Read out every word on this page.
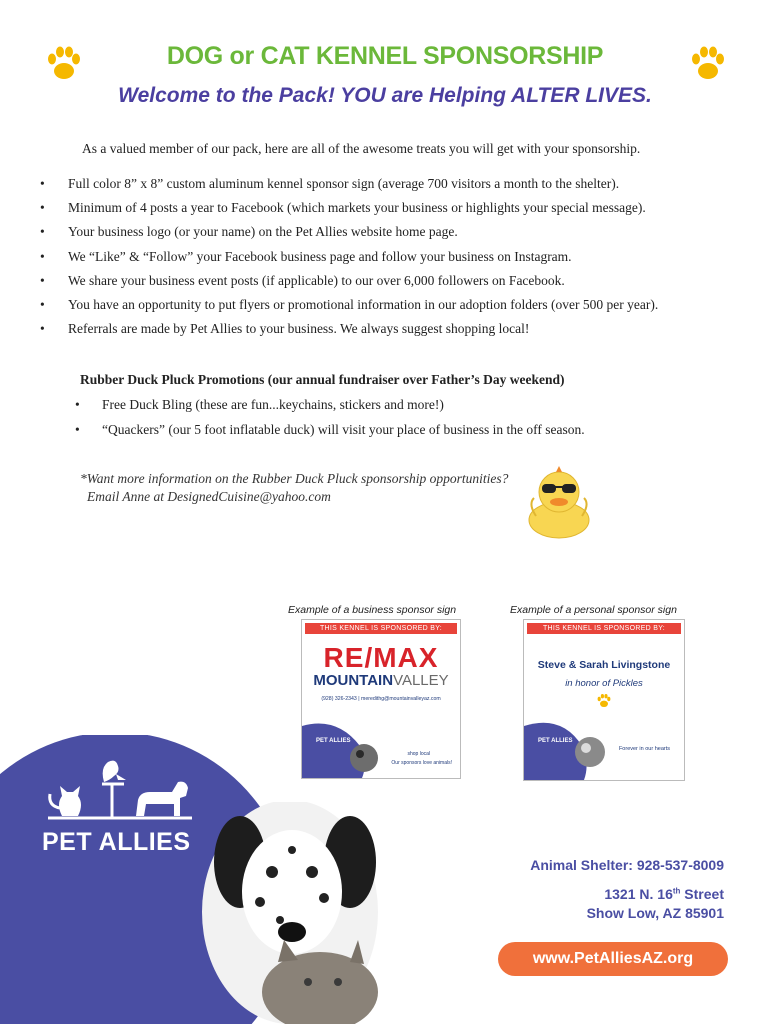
DOG or CAT KENNEL SPONSORSHIP
Welcome to the Pack! YOU are Helping ALTER LIVES.
As a valued member of our pack, here are all of the awesome treats you will get with your sponsorship.
• Full color 8” x 8” custom aluminum kennel sponsor sign (average 700 visitors a month to the shelter).
• Minimum of 4 posts a year to Facebook (which markets your business or highlights your special message).
• Your business logo (or your name) on the Pet Allies website home page.
• We “Like” & “Follow” your Facebook business page and follow your business on Instagram.
• We share your business event posts (if applicable) to our over 6,000 followers on Facebook.
• You have an opportunity to put flyers or promotional information in our adoption folders (over 500 per year).
• Referrals are made by Pet Allies to your business. We always suggest shopping local!
Rubber Duck Pluck Promotions (our annual fundraiser over Father’s Day weekend)
• Free Duck Bling (these are fun...keychains, stickers and more!)
• “Quackers” (our 5 foot inflatable duck) will visit your place of business in the off season.
*Want more information on the Rubber Duck Pluck sponsorship opportunities?
Email Anne at DesignedCuisine@yahoo.com
Example of a business sponsor sign	Example of a personal sponsor sign
THIS KENNEL IS SPONSORED BY:
RE/MAX
MOUNTAINVALLEY
(928) 326-2343 | meredithg@mountainvalleyaz.com
PET ALLIES
shop local
Our sponsors love animals!
THIS KENNEL IS SPONSORED BY:
Steve & Sarah Livingstone
in honor of Pickles
PET ALLIES
Forever in our hearts
PET ALLIES
Animal Shelter: 928-537-8009
1321 N. 16th Street
Show Low, AZ 85901
www.PetAlliesAZ.org
